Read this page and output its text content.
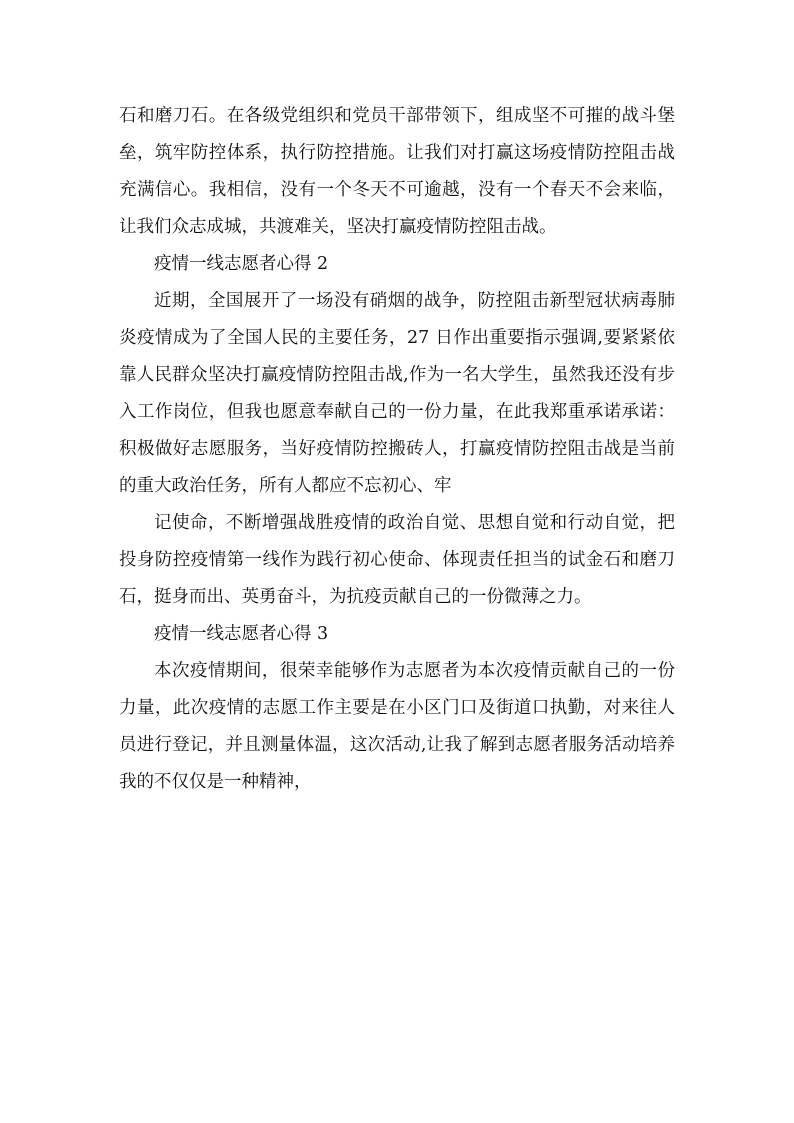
石和磨刀石。在各级党组织和党员干部带领下，组成坚不可摧的战斗堡垒，筑牢防控体系，执行防控措施。让我们对打赢这场疫情防控阻击战充满信心。我相信，没有一个冬天不可逾越，没有一个春天不会来临，让我们众志成城，共渡难关，坚决打赢疫情防控阻击战。

疫情一线志愿者心得 2

近期，全国展开了一场没有硝烟的战争，防控阻击新型冠状病毒肺炎疫情成为了全国人民的主要任务，27 日作出重要指示强调,要紧紧依靠人民群众坚决打赢疫情防控阻击战,作为一名大学生，虽然我还没有步入工作岗位，但我也愿意奉献自己的一份力量，在此我郑重承诺承诺：积极做好志愿服务，当好疫情防控搬砖人，打赢疫情防控阻击战是当前的重大政治任务，所有人都应不忘初心、牢

记使命，不断增强战胜疫情的政治自觉、思想自觉和行动自觉，把投身防控疫情第一线作为践行初心使命、体现责任担当的试金石和磨刀石，挺身而出、英勇奋斗，为抗疫贡献自己的一份微薄之力。

疫情一线志愿者心得 3

本次疫情期间，很荣幸能够作为志愿者为本次疫情贡献自己的一份力量，此次疫情的志愿工作主要是在小区门口及街道口执勤，对来往人员进行登记，并且测量体温，这次活动,让我了解到志愿者服务活动培养我的不仅仅是一种精神，
